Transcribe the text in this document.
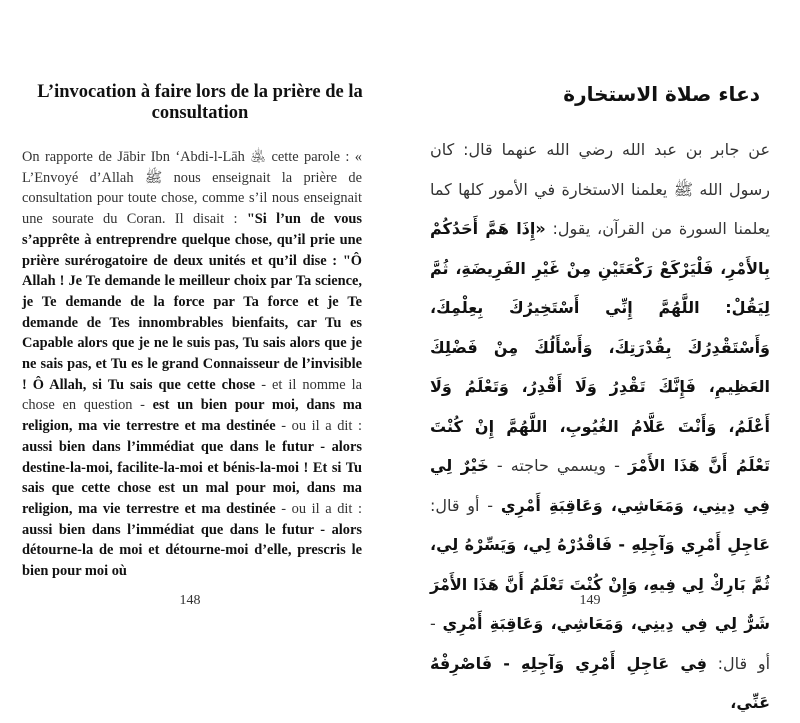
L’invocation à faire lors de la prière de la consultation

On rapporte de Jābir Ibn ‘Abdi-l-Lāh ﵁ cette parole : « L’Envoyé d’Allah ﷺ nous enseignait la prière de consultation pour toute chose, comme s’il nous enseignait une sourate du Coran. Il disait : "Si l’un de vous s’apprête à entreprendre quelque chose, qu’il prie une prière surérogatoire de deux unités et qu’il dise : "Ô Allah ! Je Te demande le meilleur choix par Ta science, je Te demande de la force par Ta force et je Te demande de Tes innombrables bienfaits, car Tu es Capable alors que je ne le suis pas, Tu sais alors que je ne sais pas, et Tu es le grand Connaisseur de l’invisible ! Ô Allah, si Tu sais que cette chose - et il nomme la chose en question - est un bien pour moi, dans ma religion, ma vie terrestre et ma destinée - ou il a dit : aussi bien dans l’immédiat que dans le futur - alors destine-la-moi, facilite-la-moi et bénis-la-moi ! Et si Tu sais que cette chose est un mal pour moi, dans ma religion, ma vie terrestre et ma destinée - ou il a dit : aussi bien dans l’immédiat que dans le futur - alors détourne-la de moi et détourne-moi d’elle, prescris le bien pour moi où

148
دعاء صلاة الاستخارة

عن جابر بن عبد الله رضي الله عنهما قال: كان رسول الله ﷺ يعلمنا الاستخارة في الأمور كلها كما يعلمنا السورة من القرآن، يقول: «إِذَا هَمَّ أَحَدُكُمْ بِالأَمْرِ، فَلْيَرْكَعْ رَكْعَتَيْنِ مِنْ غَيْرِ الفَرِيضَةِ، ثُمَّ لِيَقُلْ: اللَّهُمَّ إِنِّي أَسْتَخِيرُكَ بِعِلْمِكَ، وَأَسْتَقْدِرُكَ بِقُدْرَتِكَ، وَأَسْأَلُكَ مِنْ فَضْلِكَ العَظِيمِ، فَإِنَّكَ تَقْدِرُ وَلَا أَقْدِرُ، وَتَعْلَمُ وَلَا أَعْلَمُ، وَأَنْتَ عَلَّامُ الغُيُوبِ، اللَّهُمَّ إِنْ كُنْتَ تَعْلَمُ أَنَّ هَذَا الأَمْرَ - ويسمي حاجته - خَيْرٌ لِي فِي دِينِي، وَمَعَاشِي، وَعَاقِبَةِ أَمْرِي - أو قال: عَاجِلِ أَمْرِي وَآجِلِهِ - فَاقْدُرْهُ لِي، وَيَسِّرْهُ لِي، ثُمَّ بَارِكْ لِي فِيهِ، وَإِنْ كُنْتَ تَعْلَمُ أَنَّ هَذَا الأَمْرَ شَرٌّ لِي فِي دِينِي، وَمَعَاشِي، وَعَاقِبَةِ أَمْرِي - أو قال: فِي عَاجِلِ أَمْرِي وَآجِلِهِ - فَاصْرِفْهُ عَنِّي،

149
